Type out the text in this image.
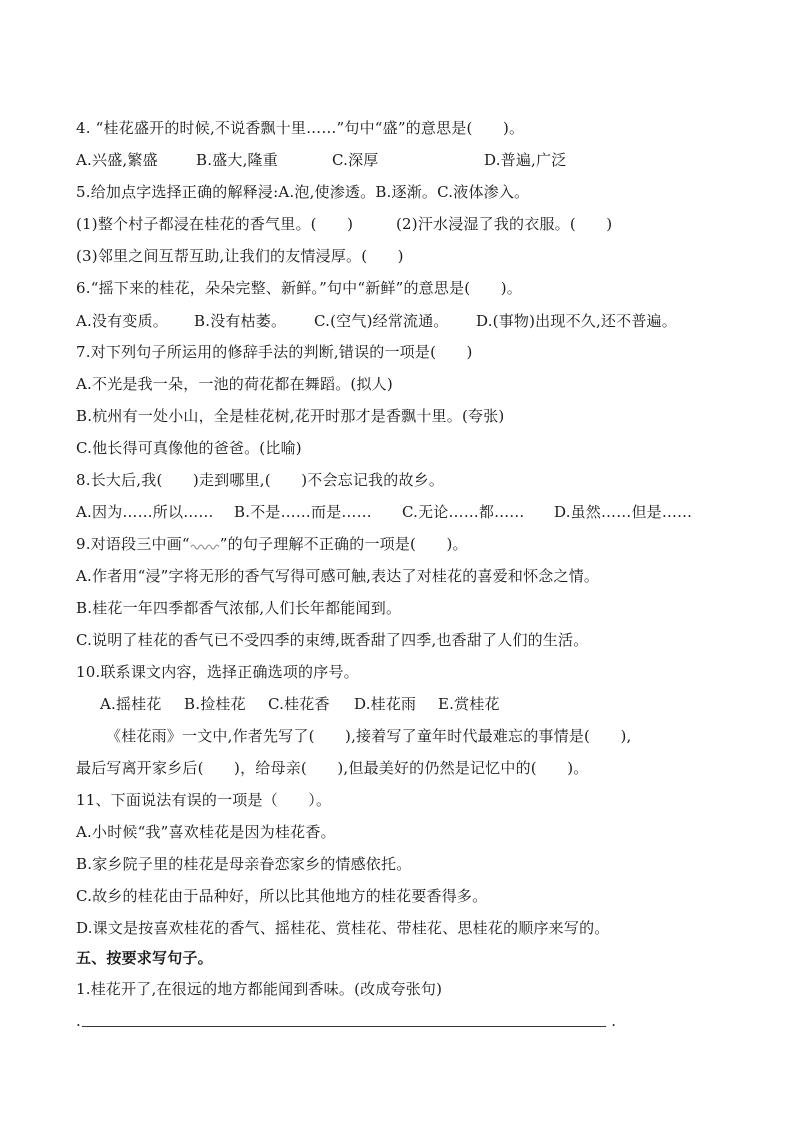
4. “桂花盛开的时候,不说香飘十里……”句中“盛”的意思是(　　)。
A.兴盛,繁盛	B.盛大,隆重	C.深厚	D.普遍,广泛
5.给加点字选择正确的解释浸:A.泡,使渗透。B.逐渐。C.液体渗入。
(1)整个村子都浸在桂花的香气里。(　　)	(2)汗水浸湿了我的衣服。(　　)
(3)邻里之间互帮互助,让我们的友情浸厚。(　　)
6.“摇下来的桂花，朵朵完整、新鲜。”句中“新鲜”的意思是(　　)。
A.没有变质。	B.没有枯萎。	C.(空气)经常流通。	D.(事物)出现不久,还不普遍。
7.对下列句子所运用的修辞手法的判断,错误的一项是(　　)
A.不光是我一朵，一池的荷花都在舞蹈。(拟人)
B.杭州有一处小山，全是桂花树,花开时那才是香飘十里。(夸张)
C.他长得可真像他的爸爸。(比喻)
8.长大后,我(　　)走到哪里,(　　)不会忘记我的故乡。
A.因为……所以……	B.不是……而是……	C.无论……都……	D.虽然……但是……
9.对语段三中画“ ”的句子理解不正确的一项是(　　)。
A.作者用“浸”字将无形的香气写得可感可触,表达了对桂花的喜爱和怀念之情。
B.桂花一年四季都香气浓郁,人们长年都能闻到。
C.说明了桂花的香气已不受四季的束缚,既香甜了四季,也香甜了人们的生活。
10.联系课文内容，选择正确选项的序号。
A.摇桂花	B.捡桂花	C.桂花香	D.桂花雨	E.赏桂花
《桂花雨》一文中,作者先写了(　　),接着写了童年时代最难忘的事情是(　　),
最后写离开家乡后(　　)，给母亲(　　),但最美好的仍然是记忆中的(　　)。
11、下面说法有误的一项是（　　）。
A.小时候“我”喜欢桂花是因为桂花香。
B.家乡院子里的桂花是母亲眷恋家乡的情感依托。
C.故乡的桂花由于品种好，所以比其他地方的桂花要香得多。
D.课文是按喜欢桂花的香气、摇桂花、赏桂花、带桂花、思桂花的顺序来写的。
五、按要求写句子。
1.桂花开了,在很远的地方都能闻到香味。(改成夸张句)
.	.
